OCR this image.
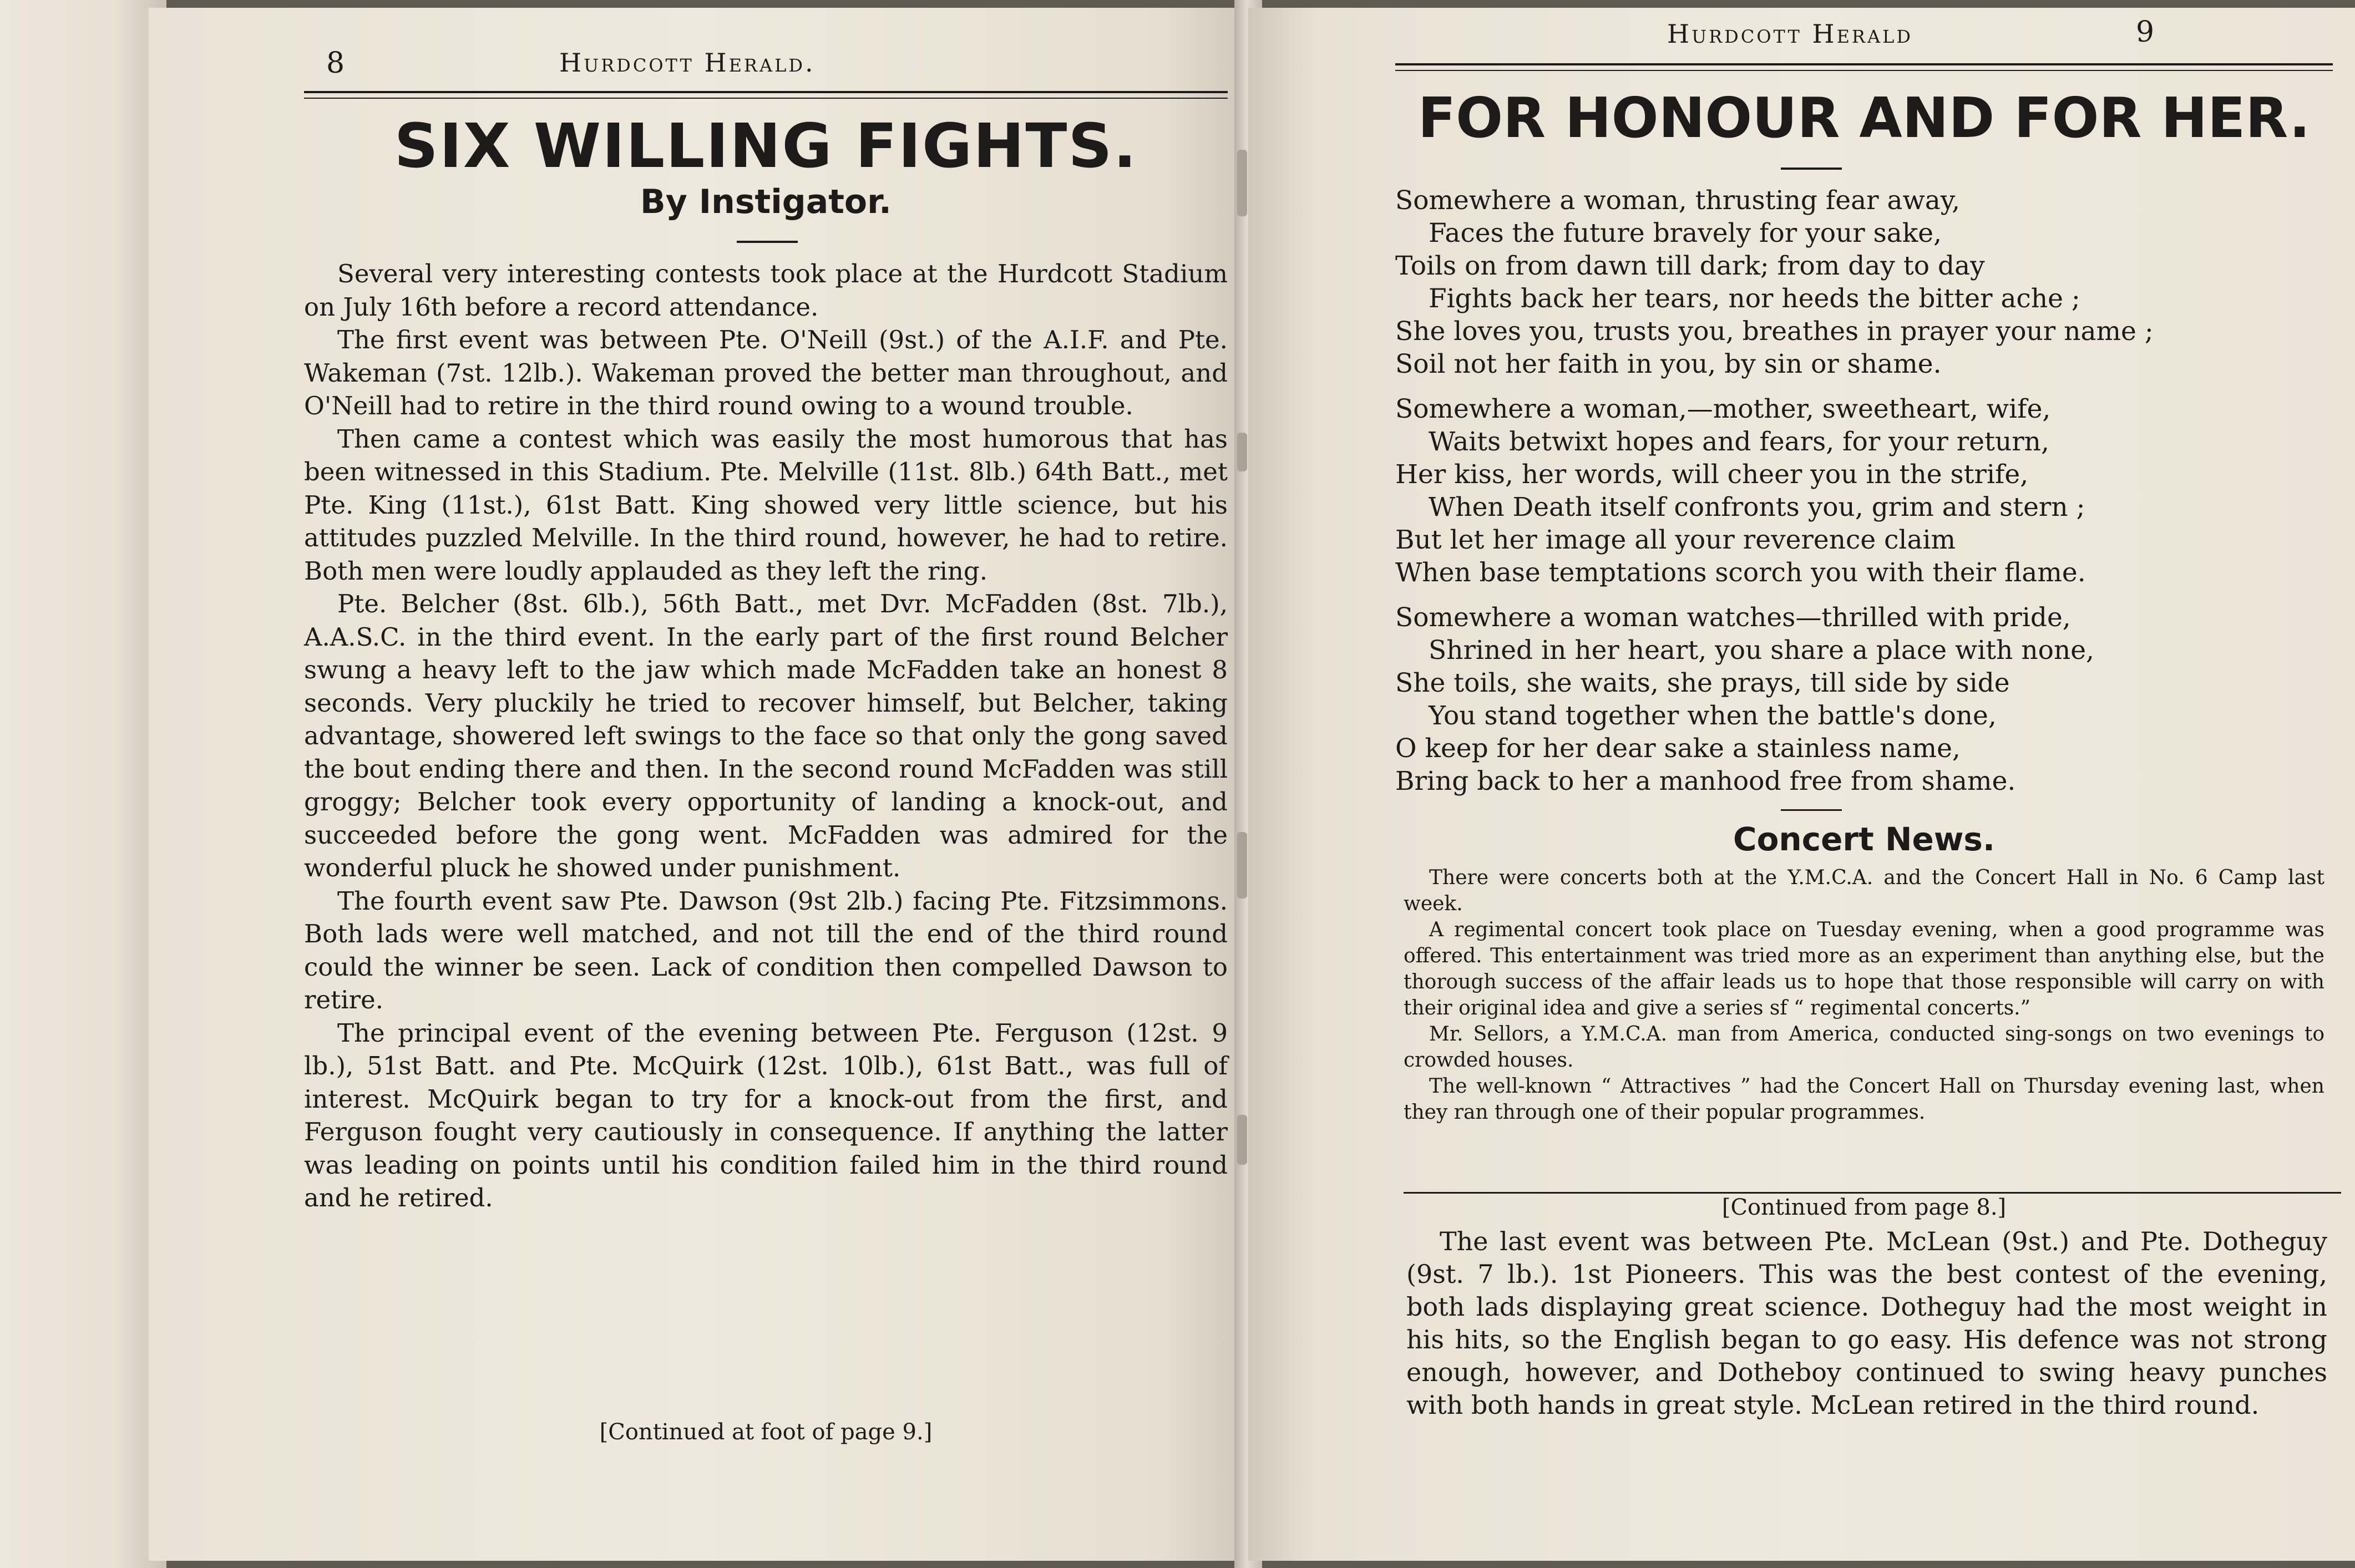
8	Hurdcott Herald.
SIX WILLING FIGHTS.
By Instigator.

Several very interesting contests took place at the Hurdcott Stadium on July 16th before a record attendance.

The first event was between Pte. O'Neill (9st.) of the A.I.F. and Pte. Wakeman (7st. 12lb.). Wakeman proved the better man throughout, and O'Neill had to retire in the third round owing to a wound trouble.

Then came a contest which was easily the most humorous that has been witnessed in this Stadium. Pte. Melville (11st. 8lb.) 64th Batt., met Pte. King (11st.), 61st Batt. King showed very little science, but his attitudes puzzled Melville. In the third round, however, he had to retire. Both men were loudly applauded as they left the ring.

Pte. Belcher (8st. 6lb.), 56th Batt., met Dvr. McFadden (8st. 7lb.), A.A.S.C. in the third event. In the early part of the first round Belcher swung a heavy left to the jaw which made McFadden take an honest 8 seconds. Very pluckily he tried to recover himself, but Belcher, taking advantage, showered left swings to the face so that only the gong saved the bout ending there and then. In the second round McFadden was still groggy; Belcher took every opportunity of landing a knock-out, and succeeded before the gong went. McFadden was admired for the wonderful pluck he showed under punishment.

The fourth event saw Pte. Dawson (9st 2lb.) facing Pte. Fitzsimmons. Both lads were well matched, and not till the end of the third round could the winner be seen. Lack of condition then compelled Dawson to retire.

The principal event of the evening between Pte. Ferguson (12st. 9 lb.), 51st Batt. and Pte. McQuirk (12st. 10lb.), 61st Batt., was full of interest. McQuirk began to try for a knock-out from the first, and Ferguson fought very cautiously in consequence. If anything the latter was leading on points until his condition failed him in the third round and he retired.

[Continued at foot of page 9.]
Hurdcott Herald	9
FOR HONOUR AND FOR HER.
Somewhere a woman, thrusting fear away,
Faces the future bravely for your sake,
Toils on from dawn till dark; from day to day
Fights back her tears, nor heeds the bitter ache ;
She loves you, trusts you, breathes in prayer your name ;
Soil not her faith in you, by sin or shame.
Somewhere a woman,—mother, sweetheart, wife,
Waits betwixt hopes and fears, for your return,
Her kiss, her words, will cheer you in the strife,
When Death itself confronts you, grim and stern ;
But let her image all your reverence claim
When base temptations scorch you with their flame.
Somewhere a woman watches—thrilled with pride,
Shrined in her heart, you share a place with none,
She toils, she waits, she prays, till side by side
You stand together when the battle's done,
O keep for her dear sake a stainless name,
Bring back to her a manhood free from shame.
Concert News.

There were concerts both at the Y.M.C.A. and the Concert Hall in No. 6 Camp last week.

A regimental concert took place on Tuesday evening, when a good programme was offered. This entertainment was tried more as an experiment than anything else, but the thorough success of the affair leads us to hope that those responsible will carry on with their original idea and give a series sf “ regimental concerts.”

Mr. Sellors, a Y.M.C.A. man from America, conducted sing-songs on two evenings to crowded houses.

The well-known “ Attractives ” had the Concert Hall on Thursday evening last, when they ran through one of their popular programmes.

[Continued from page 8.]

The last event was between Pte. McLean (9st.) and Pte. Dotheguy (9st. 7 lb.). 1st Pioneers. This was the best contest of the evening, both lads displaying great science. Dotheguy had the most weight in his hits, so the English began to go easy. His defence was not strong enough, however, and Dotheboy continued to swing heavy punches with both hands in great style. McLean retired in the third round.
